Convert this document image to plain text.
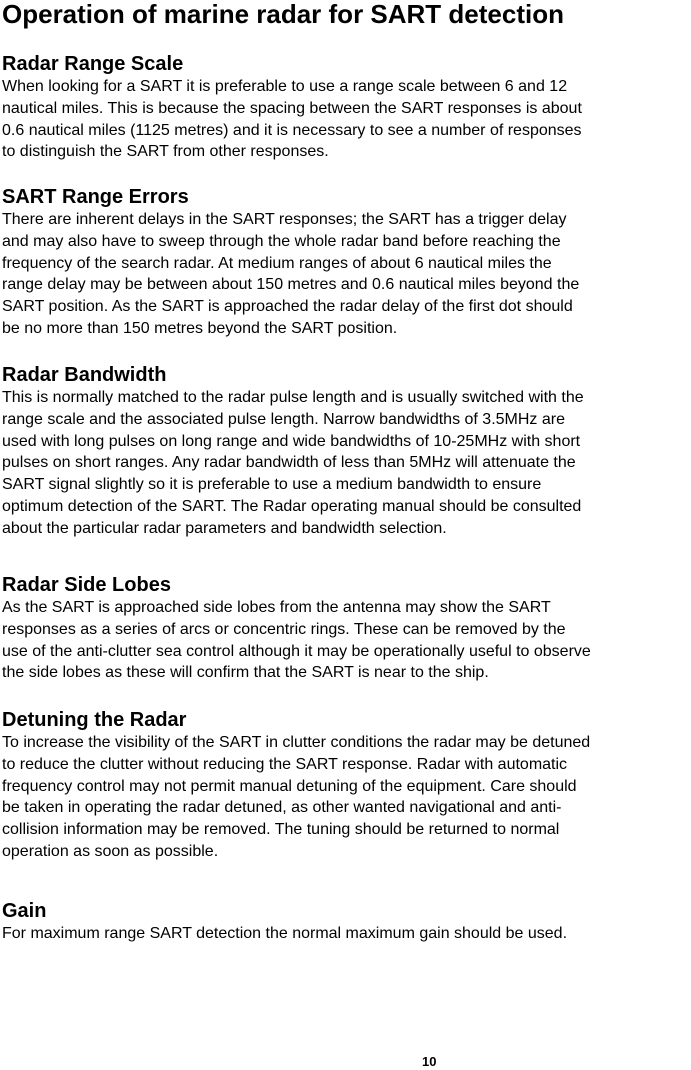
Operation of marine radar for SART detection
Radar Range Scale

When looking for a SART it is preferable to use a range scale between 6 and 12
nautical miles. This is because the spacing between the SART responses is about
0.6 nautical miles (1125 metres) and it is necessary to see a number of responses
to distinguish the SART from other responses.

SART Range Errors

There are inherent delays in the SART responses; the SART has a trigger delay
and may also have to sweep through the whole radar band before reaching the
frequency of the search radar. At medium ranges of about 6 nautical miles the
range delay may be between about 150 metres and 0.6 nautical miles beyond the
SART position. As the SART is approached the radar delay of the first dot should
be no more than 150 metres beyond the SART position.

Radar Bandwidth

This is normally matched to the radar pulse length and is usually switched with the
range scale and the associated pulse length. Narrow bandwidths of 3.5MHz are
used with long pulses on long range and wide bandwidths of 10-25MHz with short
pulses on short ranges. Any radar bandwidth of less than 5MHz will attenuate the
SART signal slightly so it is preferable to use a medium bandwidth to ensure
optimum detection of the SART. The Radar operating manual should be consulted
about the particular radar parameters and bandwidth selection.

Radar Side Lobes

As the SART is approached side lobes from the antenna may show the SART
responses as a series of arcs or concentric rings. These can be removed by the
use of the anti-clutter sea control although it may be operationally useful to observe
the side lobes as these will confirm that the SART is near to the ship.

Detuning the Radar

To increase the visibility of the SART in clutter conditions the radar may be detuned
to reduce the clutter without reducing the SART response. Radar with automatic
frequency control may not permit manual detuning of the equipment. Care should
be taken in operating the radar detuned, as other wanted navigational and anti-
collision information may be removed. The tuning should be returned to normal
operation as soon as possible.

Gain

For maximum range SART detection the normal maximum gain should be used.

10
